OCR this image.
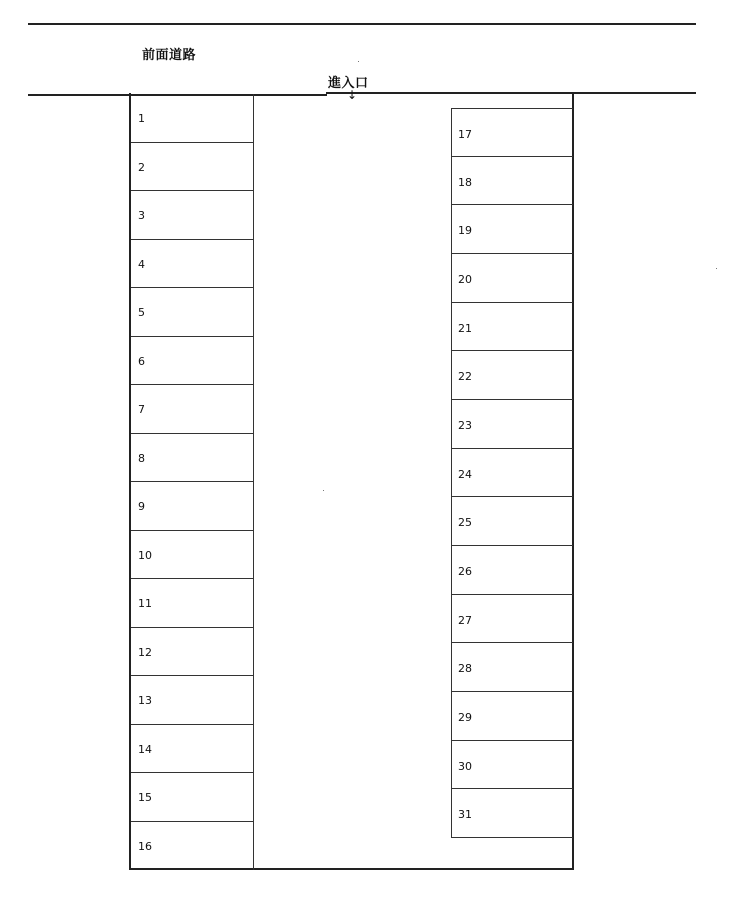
前面道路
進入口
↓
1
2
3
4
5
6
7
8
9
10
11
12
13
14
15
16
17
18
19
20
21
22
23
24
25
26
27
28
29
30
31
